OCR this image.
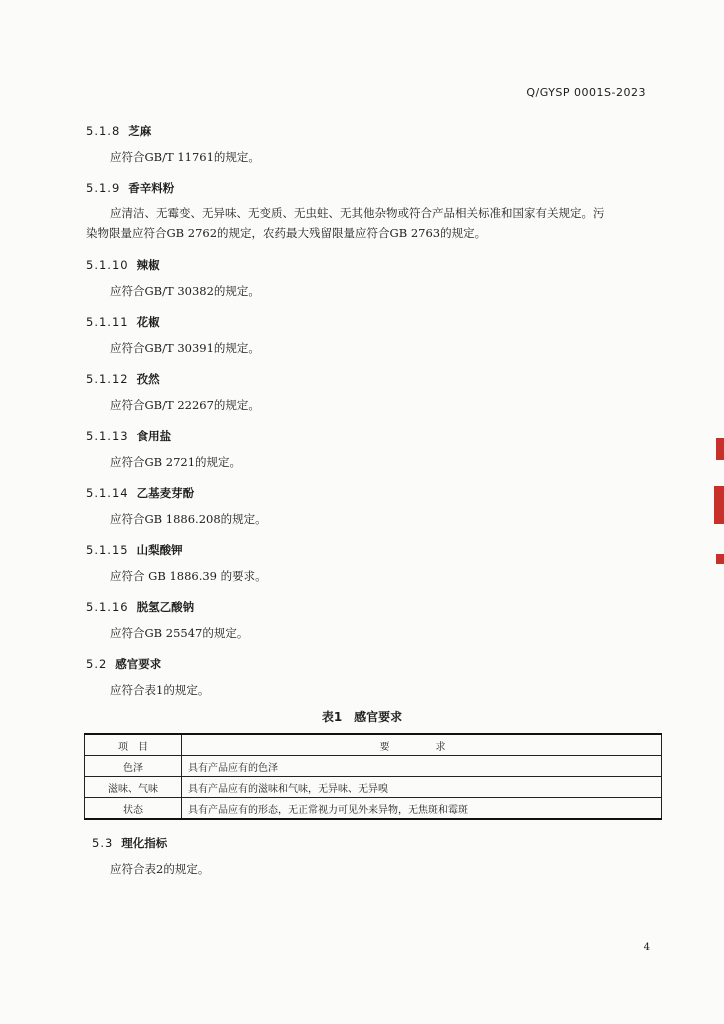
Q/GYSP 0001S-2023
5.1.8 芝麻
应符合GB/T 11761的规定。
5.1.9 香辛料粉
应清洁、无霉变、无异味、无变质、无虫蛀、无其他杂物或符合产品相关标准和国家有关规定。污
染物限量应符合GB 2762的规定，农药最大残留限量应符合GB 2763的规定。
5.1.10 辣椒
应符合GB/T 30382的规定。
5.1.11 花椒
应符合GB/T 30391的规定。
5.1.12 孜然
应符合GB/T 22267的规定。
5.1.13 食用盐
应符合GB 2721的规定。
5.1.14 乙基麦芽酚
应符合GB 1886.208的规定。
5.1.15 山梨酸钾
应符合 GB 1886.39 的要求。
5.1.16 脱氢乙酸钠
应符合GB 25547的规定。
5.2 感官要求
应符合表1的规定。
表1　感官要求
项　目	要　求
色泽	具有产品应有的色泽
滋味、气味	具有产品应有的滋味和气味，无异味、无异嗅
状态	具有产品应有的形态，无正常视力可见外来异物，无焦斑和霉斑
5.3 理化指标
应符合表2的规定。
4
